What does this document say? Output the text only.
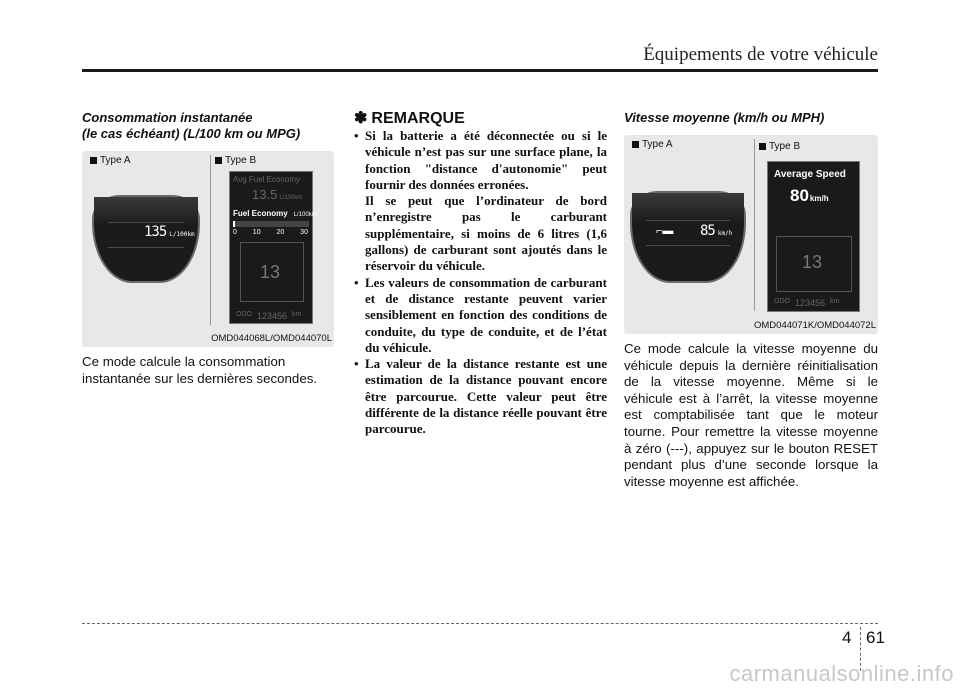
Équipements de votre véhicule
Consommation instantanée
(le cas échéant) (L/100 km ou MPG)
Type A	Type B
135 L/100km
Avg Fuel Economy
13.5 L/100km
Fuel Economy L/100km
0 10 20 30
13
ODO 123456 km
OMD044068L/OMD044070L

Ce mode calcule la consommation instantanée sur les dernières secondes.

✽ REMARQUE
• Si la batterie a été déconnectée ou si le véhicule n’est pas sur une surface plane, la fonction "distance d'autonomie" peut fournir des données erronées.
Il se peut que l’ordinateur de bord n’enregistre pas le carburant supplémentaire, si moins de 6 litres (1,6 gallons) de carburant sont ajoutés dans le réservoir du véhicule.
• Les valeurs de consommation de carburant et de distance restante peuvent varier sensiblement en fonction des conditions de conduite, du type de conduite, et de l’état du véhicule.
• La valeur de la distance restante est une estimation de la distance pouvant encore être parcourue. Cette valeur peut être différente de la distance réelle pouvant être parcourue.
Vitesse moyenne (km/h ou MPH)
Type A	Type B
⌐▬ 85 km/h
Average Speed
80 km/h
13
ODO 123456 km
OMD044071K/OMD044072L

Ce mode calcule la vitesse moyenne du véhicule depuis la dernière réinitialisation de la vitesse moyenne. Même si le véhicule est à l’arrêt, la vitesse moyenne est comptabilisée tant que le moteur tourne. Pour remettre la vitesse moyenne à zéro (---), appuyez sur le bouton RESET pendant plus d’une seconde lorsque la vitesse moyenne est affichée.

4 61
carmanualsonline.info
